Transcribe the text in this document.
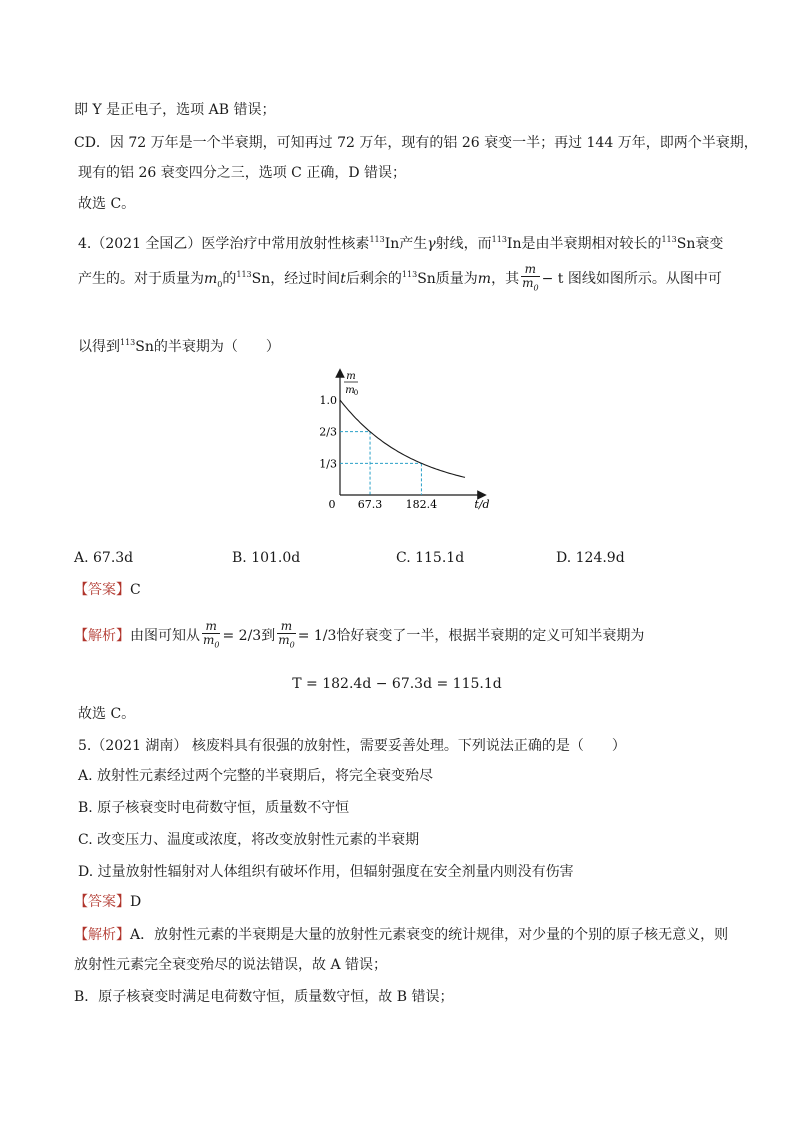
即 Y 是正电子，选项 AB 错误；
CD．因 72 万年是一个半衰期，可知再过 72 万年，现有的铝 26 衰变一半；再过 144 万年，即两个半衰期，
现有的铝 26 衰变四分之三，选项 C 正确，D 错误；
故选 C。
4.（2021 全国乙）医学治疗中常用放射性核素$^{113}$In产生γ射线，而$^{113}$In是由半衰期相对较长的$^{113}$Sn衰变
产生的。对于质量为$m_0$的$^{113}$Sn，经过时间t后剩余的$^{113}$Sn质量为m，其 $\frac{m}{m_0} - t$ 图线如图所示。从图中可
以得到$^{113}$Sn的半衰期为（　　）
m
m 0
1.0
2/3
1/3
67.3 182.4
0	t/d
A. 67.3d	B. 101.0d	C. 115.1d	D. 124.9d
【答案】C
【解析】由图可知从 $\frac{m}{m_0} = 2/3$到 $\frac{m}{m_0} = 1/3$恰好衰变了一半，根据半衰期的定义可知半衰期为
T = 182.4d − 67.3d = 115.1d
故选 C。
5.（2021 湖南） 核废料具有很强的放射性，需要妥善处理。下列说法正确的是（　　）
A. 放射性元素经过两个完整的半衰期后，将完全衰变殆尽
B. 原子核衰变时电荷数守恒，质量数不守恒
C. 改变压力、温度或浓度，将改变放射性元素的半衰期
D. 过量放射性辐射对人体组织有破坏作用，但辐射强度在安全剂量内则没有伤害
【答案】D
【解析】A．放射性元素的半衰期是大量的放射性元素衰变的统计规律，对少量的个别的原子核无意义，则
放射性元素完全衰变殆尽的说法错误，故 A 错误；
B．原子核衰变时满足电荷数守恒，质量数守恒，故 B 错误；
